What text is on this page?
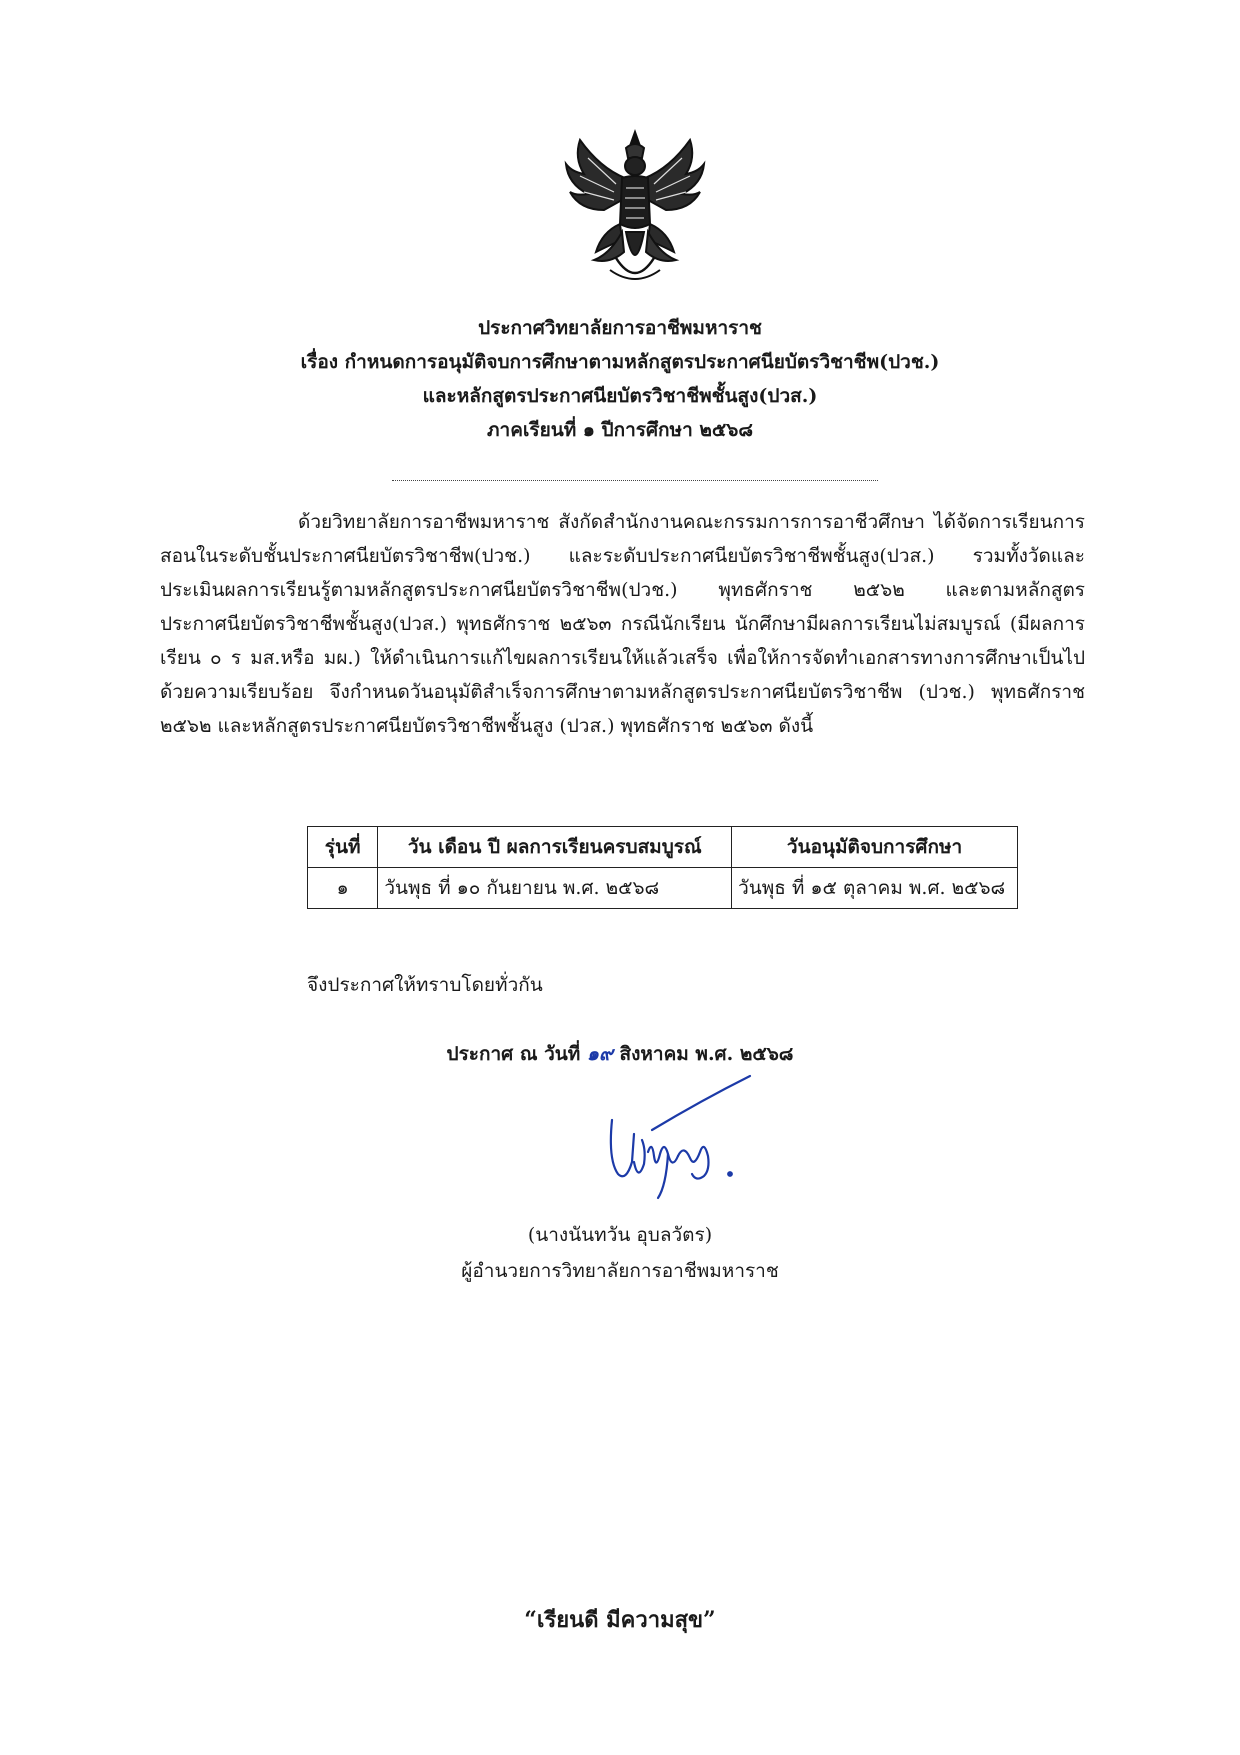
ประกาศวิทยาลัยการอาชีพมหาราช
เรื่อง กำหนดการอนุมัติจบการศึกษาตามหลักสูตรประกาศนียบัตรวิชาชีพ(ปวช.)
และหลักสูตรประกาศนียบัตรวิชาชีพชั้นสูง(ปวส.)
ภาคเรียนที่ ๑ ปีการศึกษา ๒๕๖๘

ด้วยวิทยาลัยการอาชีพมหาราช สังกัดสำนักงานคณะกรรมการการอาชีวศึกษา ได้จัดการเรียนการสอนในระดับชั้นประกาศนียบัตรวิชาชีพ(ปวช.) และระดับประกาศนียบัตรวิชาชีพชั้นสูง(ปวส.) รวมทั้งวัดและประเมินผลการเรียนรู้ตามหลักสูตรประกาศนียบัตรวิชาชีพ(ปวช.) พุทธศักราช ๒๕๖๒ และตามหลักสูตรประกาศนียบัตรวิชาชีพชั้นสูง(ปวส.) พุทธศักราช ๒๕๖๓ กรณีนักเรียน นักศึกษามีผลการเรียนไม่สมบูรณ์ (มีผลการเรียน ๐ ร มส.หรือ มผ.) ให้ดำเนินการแก้ไขผลการเรียนให้แล้วเสร็จ เพื่อให้การจัดทำเอกสารทางการศึกษาเป็นไปด้วยความเรียบร้อย จึงกำหนดวันอนุมัติสำเร็จการศึกษาตามหลักสูตรประกาศนียบัตรวิชาชีพ (ปวช.) พุทธศักราช ๒๕๖๒ และหลักสูตรประกาศนียบัตรวิชาชีพชั้นสูง (ปวส.) พุทธศักราช ๒๕๖๓ ดังนี้

รุ่นที่	วัน เดือน ปี ผลการเรียนครบสมบูรณ์	วันอนุมัติจบการศึกษา
๑	วันพุธ ที่ ๑๐ กันยายน พ.ศ. ๒๕๖๘	วันพุธ ที่ ๑๕ ตุลาคม พ.ศ. ๒๕๖๘
จึงประกาศให้ทราบโดยทั่วกัน
ประกาศ ณ วันที่ ๑๙ สิงหาคม พ.ศ. ๒๕๖๘
(นางนันทวัน อุบลวัตร)
ผู้อำนวยการวิทยาลัยการอาชีพมหาราช
“เรียนดี มีความสุข”
